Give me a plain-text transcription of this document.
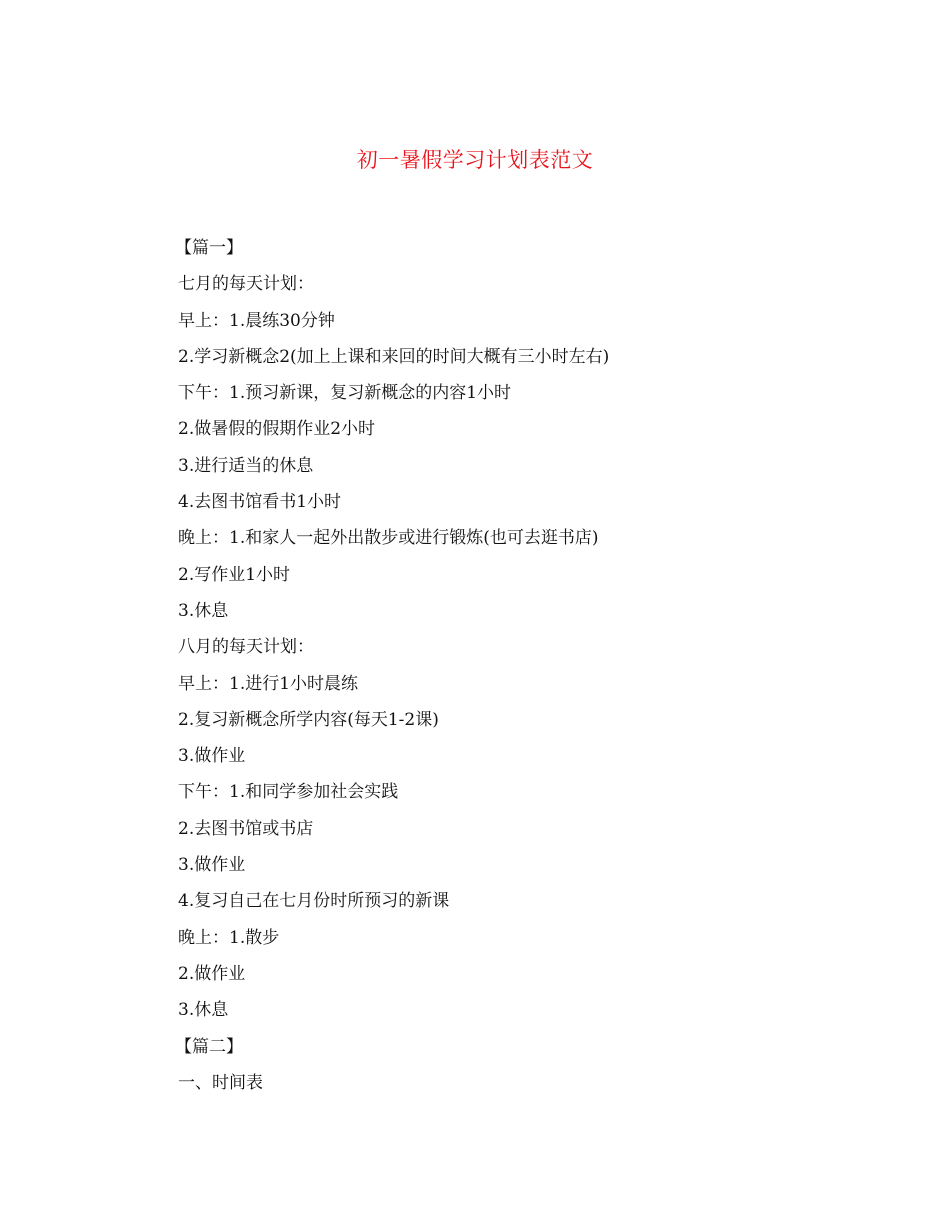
初一暑假学习计划表范文
【篇一】
七月的每天计划：
早上：1.晨练30分钟
2.学习新概念2(加上上课和来回的时间大概有三小时左右)
下午：1.预习新课，复习新概念的内容1小时
2.做暑假的假期作业2小时
3.进行适当的休息
4.去图书馆看书1小时
晚上：1.和家人一起外出散步或进行锻炼(也可去逛书店)
2.写作业1小时
3.休息
八月的每天计划：
早上：1.进行1小时晨练
2.复习新概念所学内容(每天1-2课)
3.做作业
下午：1.和同学参加社会实践
2.去图书馆或书店
3.做作业
4.复习自己在七月份时所预习的新课
晚上：1.散步
2.做作业
3.休息
【篇二】
一、时间表
